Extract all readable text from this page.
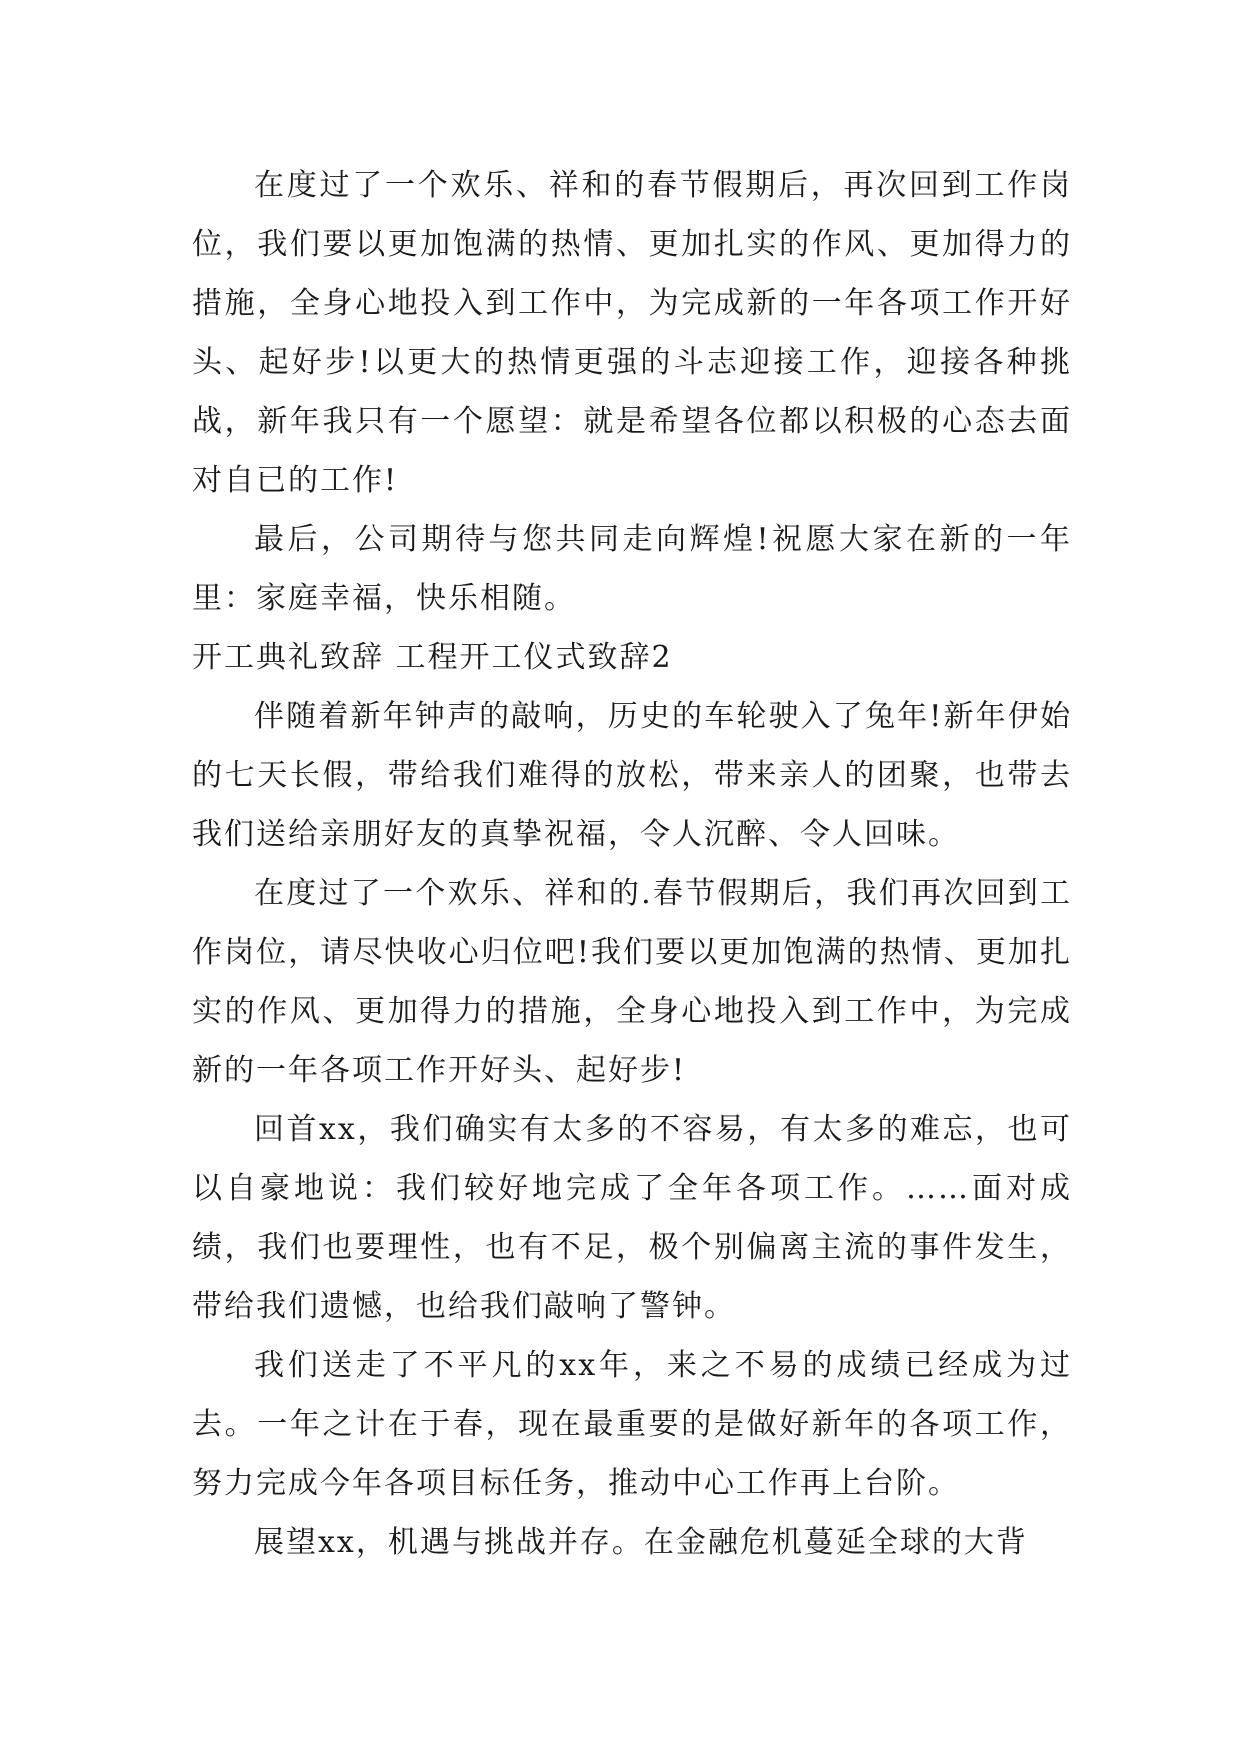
在度过了一个欢乐、祥和的春节假期后，再次回到工作岗位，我们要以更加饱满的热情、更加扎实的作风、更加得力的措施，全身心地投入到工作中，为完成新的一年各项工作开好头、起好步!以更大的热情更强的斗志迎接工作，迎接各种挑战，新年我只有一个愿望：就是希望各位都以积极的心态去面对自已的工作!

最后，公司期待与您共同走向辉煌!祝愿大家在新的一年里：家庭幸福，快乐相随。

开工典礼致辞 工程开工仪式致辞2

伴随着新年钟声的敲响，历史的车轮驶入了兔年!新年伊始的七天长假，带给我们难得的放松，带来亲人的团聚，也带去我们送给亲朋好友的真挚祝福，令人沉醉、令人回味。

在度过了一个欢乐、祥和的.春节假期后，我们再次回到工作岗位，请尽快收心归位吧!我们要以更加饱满的热情、更加扎实的作风、更加得力的措施，全身心地投入到工作中，为完成新的一年各项工作开好头、起好步!

回首xx，我们确实有太多的不容易，有太多的难忘，也可以自豪地说：我们较好地完成了全年各项工作。……面对成绩，我们也要理性，也有不足，极个别偏离主流的事件发生，带给我们遗憾，也给我们敲响了警钟。

我们送走了不平凡的xx年，来之不易的成绩已经成为过去。一年之计在于春，现在最重要的是做好新年的各项工作，努力完成今年各项目标任务，推动中心工作再上台阶。

展望xx，机遇与挑战并存。在金融危机蔓延全球的大背
